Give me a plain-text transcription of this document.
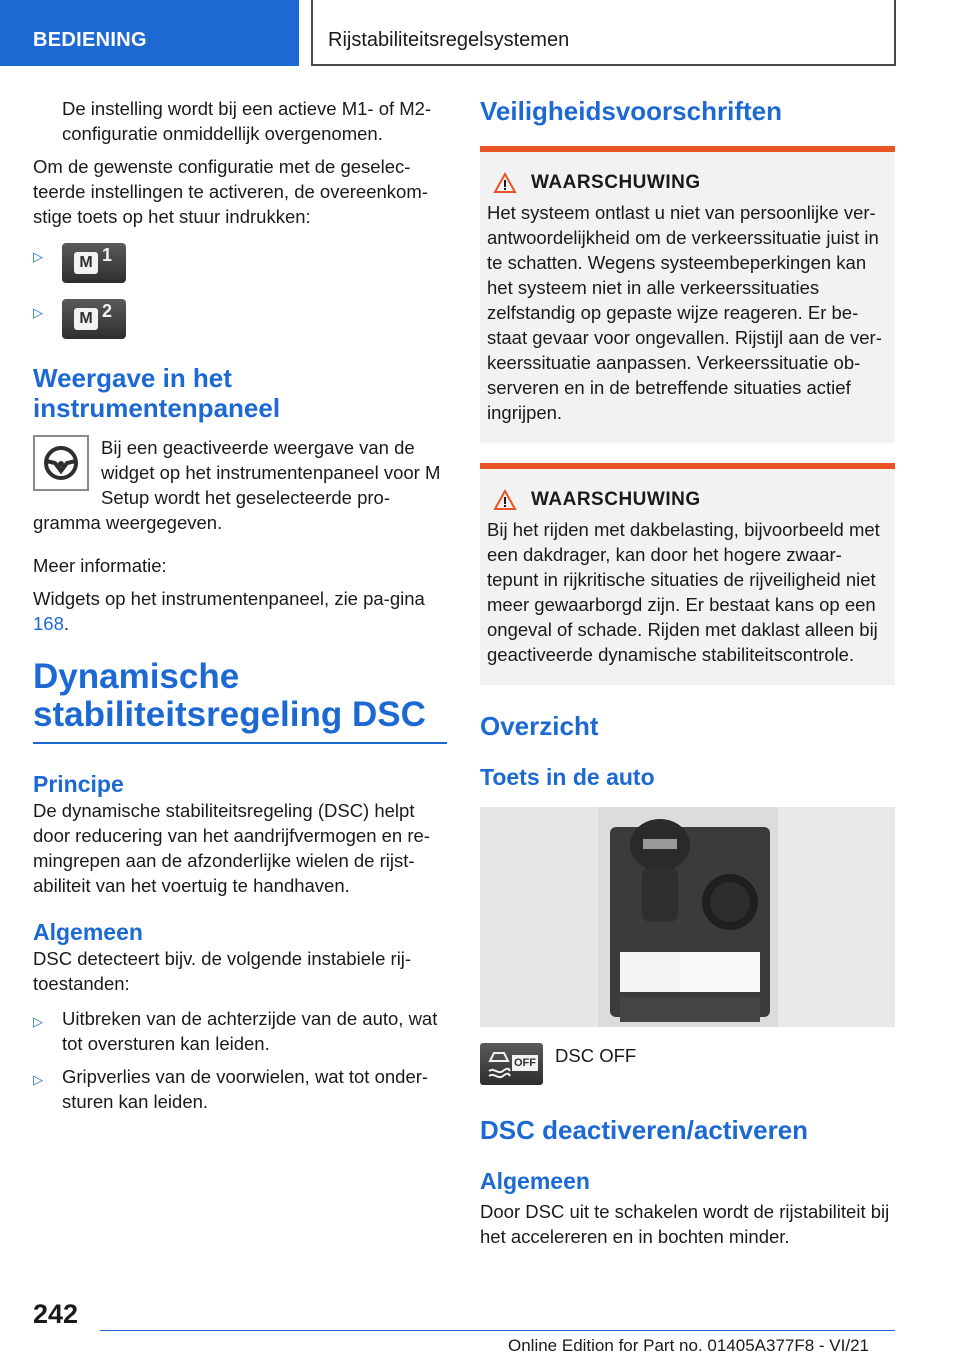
BEDIENING	Rijstabiliteitsregelsystemen

De instelling wordt bij een actieve M1- of M2-configuratie onmiddellijk overgenomen.

Om de gewenste configuratie met de geselec-teerde instellingen te activeren, de overeenkom-stige toets op het stuur indrukken:

▷	M 1
▷	M 2
Weergave in het instrumentenpaneel

Bij een geactiveerde weergave van de widget op het instrumentenpaneel voor M Setup wordt het geselecteerde pro-gramma weergegeven.

Meer informatie:

Widgets op het instrumentenpaneel, zie pa-gina 168.

Dynamische stabiliteitsregeling DSC
Principe

De dynamische stabiliteitsregeling (DSC) helpt door reducering van het aandrijfvermogen en re-mingrepen aan de afzonderlijke wielen de rijst-abiliteit van het voertuig te handhaven.

Algemeen

DSC detecteert bijv. de volgende instabiele rij-toestanden:

▷	Uitbreken van de achterzijde van de auto, wat tot oversturen kan leiden.
▷	Gripverlies van de voorwielen, wat tot onder-sturen kan leiden.
Veiligheidsvoorschriften
WAARSCHUWING

Het systeem ontlast u niet van persoonlijke ver-antwoordelijkheid om de verkeerssituatie juist in te schatten. Wegens systeembeperkingen kan het systeem niet in alle verkeerssituaties zelfstandig op gepaste wijze reageren. Er be-staat gevaar voor ongevallen. Rijstijl aan de ver-keerssituatie aanpassen. Verkeerssituatie ob-serveren en in de betreffende situaties actief ingrijpen.

WAARSCHUWING

Bij het rijden met dakbelasting, bijvoorbeeld met een dakdrager, kan door het hogere zwaar-tepunt in rijkritische situaties de rijveiligheid niet meer gewaarborgd zijn. Er bestaat kans op een ongeval of schade. Rijden met daklast alleen bij geactiveerde dynamische stabiliteitscontrole.

Overzicht
Toets in de auto
OFF DSC OFF

DSC deactiveren/activeren
Algemeen

Door DSC uit te schakelen wordt de rijstabiliteit bij het accelereren en in bochten minder.

242
Online Edition for Part no. 01405A377F8 - VI/21
